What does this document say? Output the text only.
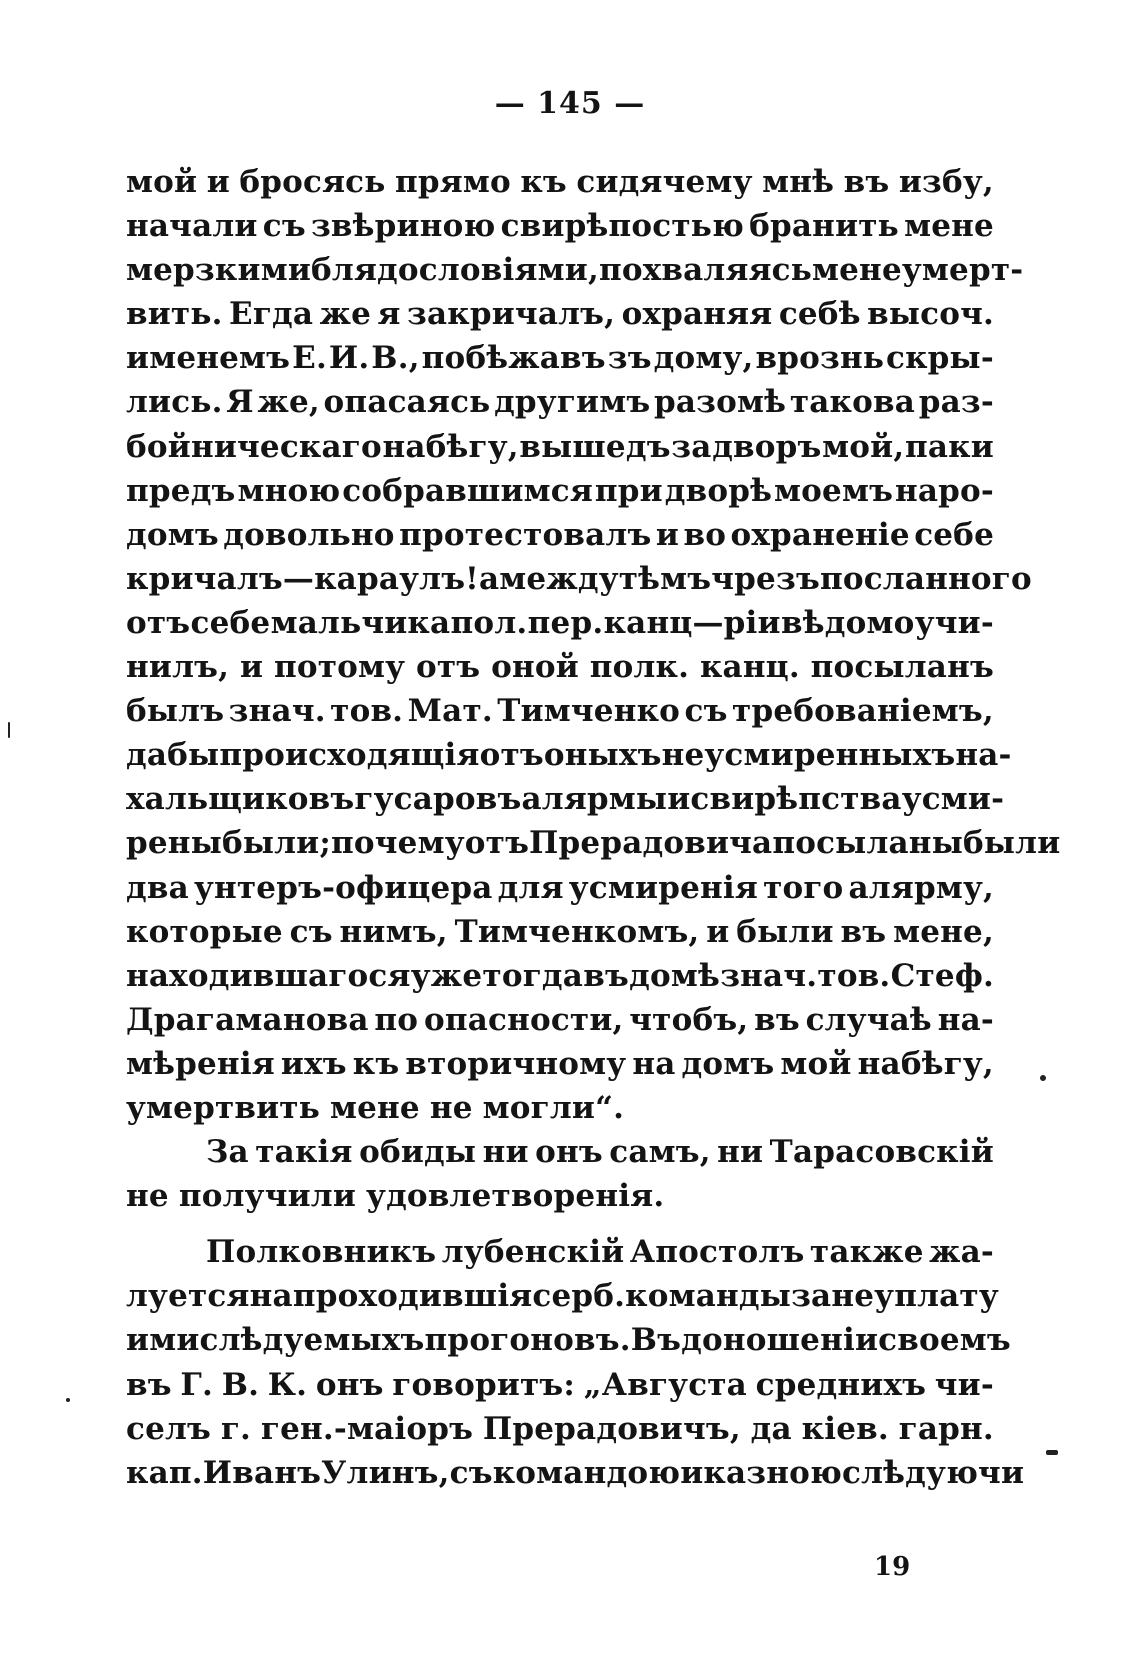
— 145 —
мой и бросясь прямо къ сидячему мнѣ въ избу,
начали съ звѣриною свирѣпостью бранить мене
мерзкими блядословіями, похваляясь мене умерт-
вить. Егда же я закричалъ, охраняя себѣ высоч.
именемъ Е. И. В., побѣжавъ зъ дому, врознь скры-
лись. Я же, опасаясь другимъ разомѣ такова раз-
бойническаго набѣгу, вышедъ за дворъ мой, паки
предъ мною собравшимся при дворѣ моемъ наро-
домъ довольно протестовалъ и во охраненіе себе
кричалъ—караулъ! а между тѣмъ чрезъ посланного
отъ себе мальчика пол. пер. канц—ріи вѣдомо учи-
нилъ, и потому отъ оной полк. канц. посыланъ
былъ знач. тов. Мат. Тимченко съ требованіемъ,
дабы происходящія отъ оныхъ неусмиренныхъ на-
хальщиковъ гусаровъ алярмы и свирѣпства усми-
рены были; почему отъ Прерадовича посыланы были
два унтеръ-офицера для усмиренія того алярму,
которые съ нимъ, Тимченкомъ, и были въ мене,
находившагося уже тогда въ домѣ знач. тов. Стеф.
Драгаманова по опасности, чтобъ, въ случаѣ на-
мѣренія ихъ къ вторичному на домъ мой набѣгу,
умертвить мене не могли“.
За такія обиды ни онъ самъ, ни Тарасовскій
не получили удовлетворенія.
Полковникъ лубенскій Апостолъ также жа-
луется на проходившія серб. команды за неуплату
ими слѣдуемыхъ прогоновъ. Въ доношеніи своемъ
въ Г. В. К. онъ говоритъ: „Августа среднихъ чи-
селъ г. ген.-маіоръ Прерадовичъ, да кіев. гарн.
кап. Иванъ Улинъ, съ командою и казною слѣдуючи
19
